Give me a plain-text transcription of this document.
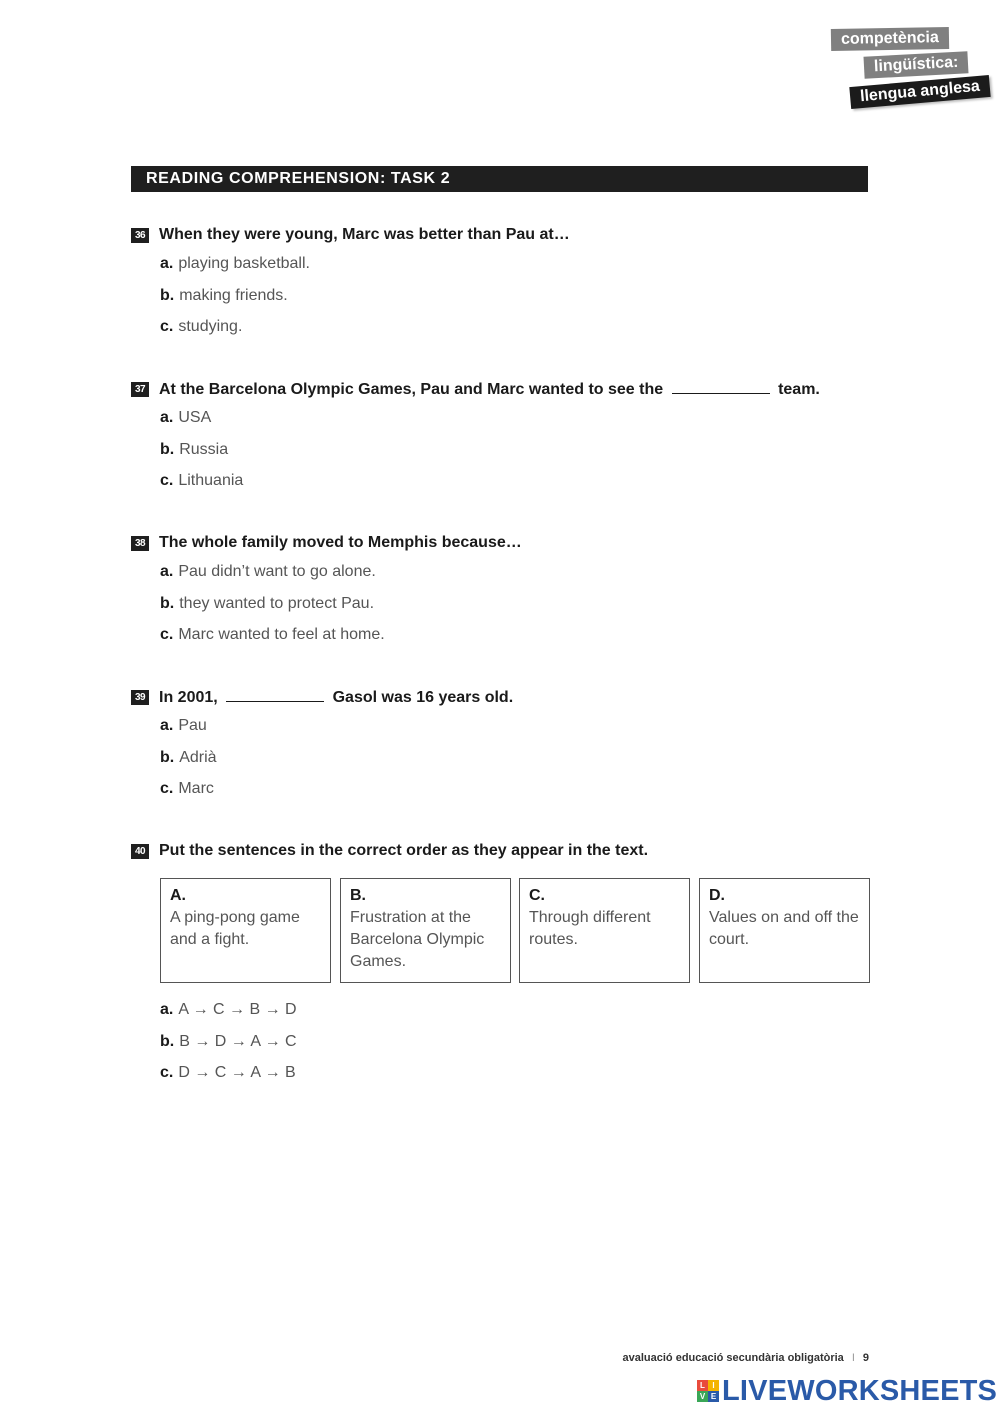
competència
lingüística:
llengua anglesa
READING COMPREHENSION: TASK 2
36 When they were young, Marc was better than Pau at…
a. playing basketball.
b. making friends.
c. studying.
37 At the Barcelona Olympic Games, Pau and Marc wanted to see the	team.
a. USA
b. Russia
c. Lithuania
38 The whole family moved to Memphis because…
a. Pau didn’t want to go alone.
b. they wanted to protect Pau.
c. Marc wanted to feel at home.
39 In 2001,	Gasol was 16 years old.
a. Pau
b. Adrià
c. Marc
40 Put the sentences in the correct order as they appear in the text.
A.
A ping-pong game and a fight.
B.
Frustration at the Barcelona Olympic Games.
C.
Through different routes.
D.
Values on and off the court.
a. A → C → B → D
b. B → D → A → C
c. D → C → A → B
avaluació educació secundària obligatòria I 9
L I
V E LIVEWORKSHEETS
